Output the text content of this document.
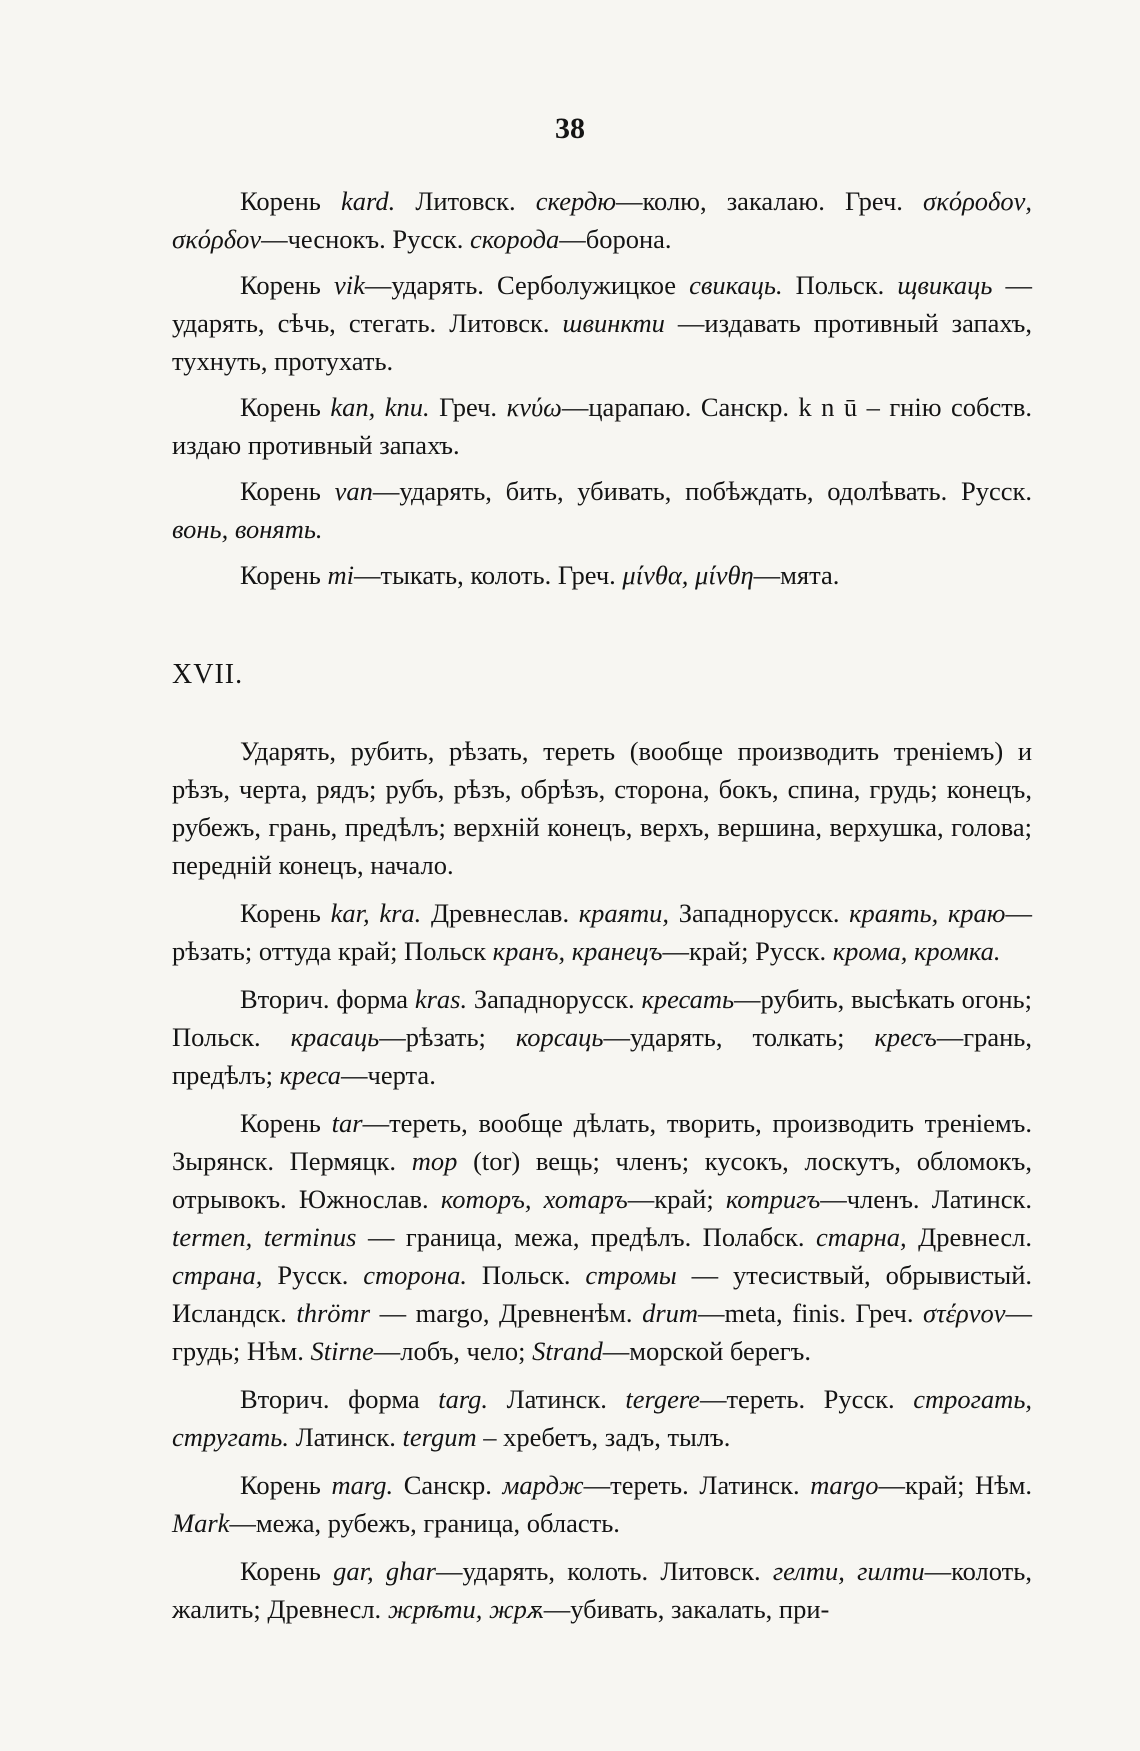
38

Корень kard. Литовск. скердю—колю, закалаю. Греч. σκόροδον, σκόρδον—чеснокъ. Русск. скорода—борона.

Корень vik—ударять. Серболужицкое свикаць. Польск. щвикаць —ударять, сѣчь, стегать. Литовск. швинкти —издавать противный запахъ, тухнуть, протухать.

Корень kan, knu. Греч. κνύω—царапаю. Санскр. k n ū – гнію собств. издаю противный запахъ.

Корень van—ударять, бить, убивать, побѣждать, одолѣвать. Русск. вонь, вонять.

Корень mi—тыкать, колоть. Греч. μίνθα, μίνθη—мята.

XVII.

Ударять, рубить, рѣзать, тереть (вообще производить треніемъ) и рѣзъ, черта, рядъ; рубъ, рѣзъ, обрѣзъ, сторона, бокъ, спина, грудь; конецъ, рубежъ, грань, предѣлъ; верхній конецъ, верхъ, вершина, верхушка, голова; передній конецъ, начало.

Корень kar, kra. Древнеслав. краяти, Западнорусск. краять, краю—рѣзать; оттуда край; Польск кранъ, кранецъ—край; Русск. крома, кромка.

Вторич. форма kras. Западнорусск. кресать—рубить, высѣкать огонь; Польск. красаць—рѣзать; корсаць—ударять, толкать; кресъ—грань, предѣлъ; креса—черта.

Корень tar—тереть, вообще дѣлать, творить, производить треніемъ. Зырянск. Пермяцк. тор (tor) вещь; членъ; кусокъ, лоскутъ, обломокъ, отрывокъ. Южнослав. которъ, хотаръ—край; котригъ—членъ. Латинск. termen, terminus — граница, межа, предѣлъ. Полабск. старна, Древнесл. страна, Русск. сторона. Польск. стромы — утесиствый, обрывистый. Исландск. thrömr — margo, Древненѣм. drum—meta, finis. Греч. στέρνον—грудь; Нѣм. Stirne—лобъ, чело; Strand—морской берегъ.

Вторич. форма targ. Латинск. tergere—тереть. Русск. строгать, стругать. Латинск. tergum – хребетъ, задъ, тылъ.

Корень marg. Санскр. мардж—тереть. Латинск. margo—край; Нѣм. Mark—межа, рубежъ, граница, область.

Корень gar, ghar—ударять, колоть. Литовск. гелти, гилти—колоть, жалить; Древнесл. жрѣти, жрѫ—убивать, закалать, при-
